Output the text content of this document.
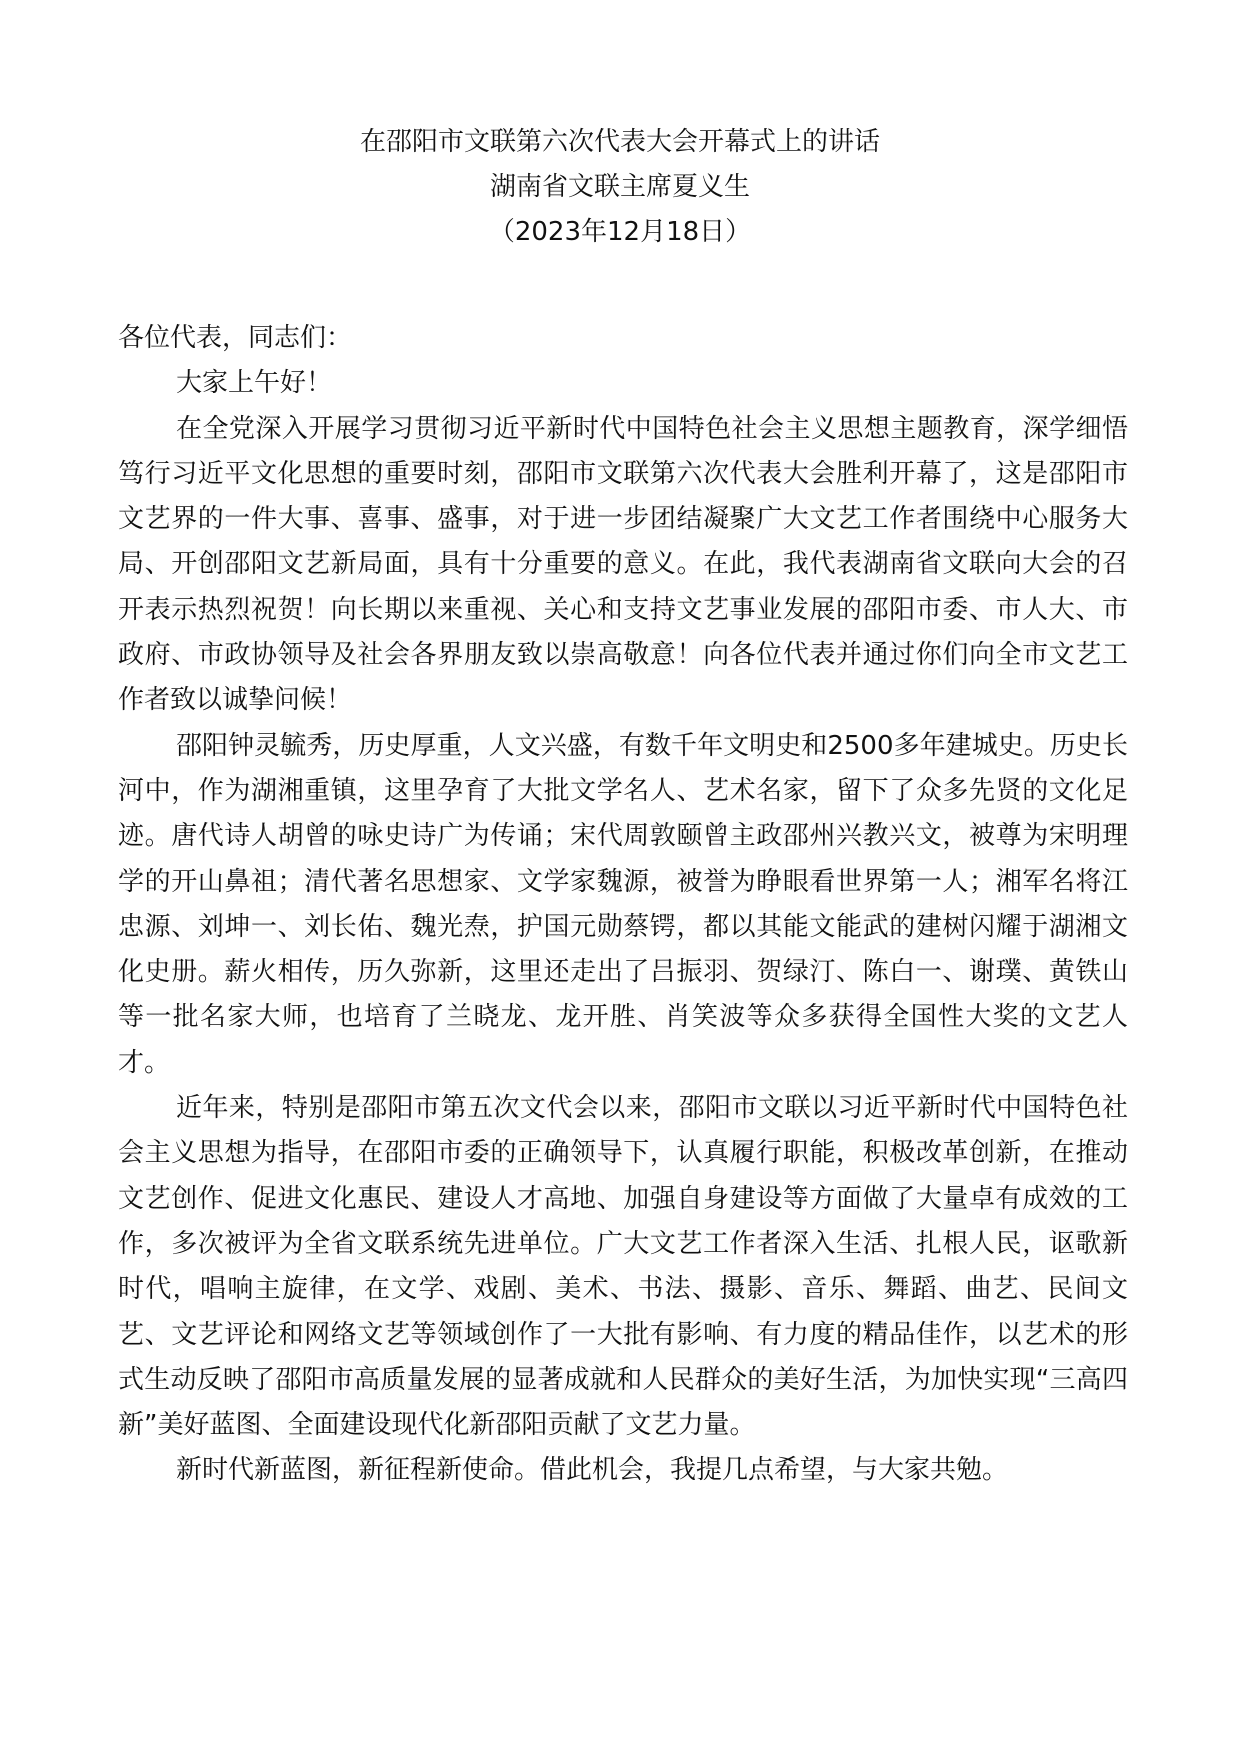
在邵阳市文联第六次代表大会开幕式上的讲话
湖南省文联主席夏义生
（2023年12月18日）

各位代表，同志们：

大家上午好！

在全党深入开展学习贯彻习近平新时代中国特色社会主义思想主题教育，深学细悟笃行习近平文化思想的重要时刻，邵阳市文联第六次代表大会胜利开幕了，这是邵阳市文艺界的一件大事、喜事、盛事，对于进一步团结凝聚广大文艺工作者围绕中心服务大局、开创邵阳文艺新局面，具有十分重要的意义。在此，我代表湖南省文联向大会的召开表示热烈祝贺！向长期以来重视、关心和支持文艺事业发展的邵阳市委、市人大、市政府、市政协领导及社会各界朋友致以崇高敬意！向各位代表并通过你们向全市文艺工作者致以诚挚问候！

邵阳钟灵毓秀，历史厚重，人文兴盛，有数千年文明史和2500多年建城史。历史长河中，作为湖湘重镇，这里孕育了大批文学名人、艺术名家，留下了众多先贤的文化足迹。唐代诗人胡曾的咏史诗广为传诵；宋代周敦颐曾主政邵州兴教兴文，被尊为宋明理学的开山鼻祖；清代著名思想家、文学家魏源，被誉为睁眼看世界第一人；湘军名将江忠源、刘坤一、刘长佑、魏光焘，护国元勋蔡锷，都以其能文能武的建树闪耀于湖湘文化史册。薪火相传，历久弥新，这里还走出了吕振羽、贺绿汀、陈白一、谢璞、黄铁山等一批名家大师，也培育了兰晓龙、龙开胜、肖笑波等众多获得全国性大奖的文艺人才。

近年来，特别是邵阳市第五次文代会以来，邵阳市文联以习近平新时代中国特色社会主义思想为指导，在邵阳市委的正确领导下，认真履行职能，积极改革创新，在推动文艺创作、促进文化惠民、建设人才高地、加强自身建设等方面做了大量卓有成效的工作，多次被评为全省文联系统先进单位。广大文艺工作者深入生活、扎根人民，讴歌新时代，唱响主旋律，在文学、戏剧、美术、书法、摄影、音乐、舞蹈、曲艺、民间文艺、文艺评论和网络文艺等领域创作了一大批有影响、有力度的精品佳作，以艺术的形式生动反映了邵阳市高质量发展的显著成就和人民群众的美好生活，为加快实现“三高四新”美好蓝图、全面建设现代化新邵阳贡献了文艺力量。

新时代新蓝图，新征程新使命。借此机会，我提几点希望，与大家共勉。
